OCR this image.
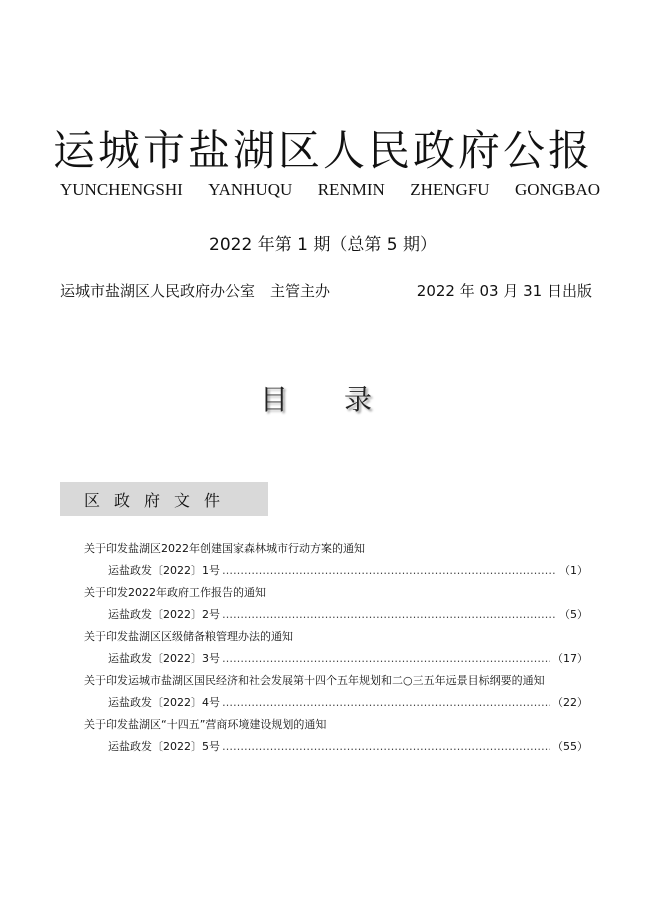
运城市盐湖区人民政府公报
YUNCHENGSHI YANHUQU RENMIN ZHENGFU GONGBAO
2022 年第 1 期（总第 5 期）
运城市盐湖区人民政府办公室　主管主办	2022 年 03 月 31 日出版
目　录
区政府文件
关于印发盐湖区2022年创建国家森林城市行动方案的通知
运盐政发〔2022〕1号 …………………………………………………………………………………………………………………………………………	（1）
关于印发2022年政府工作报告的通知
运盐政发〔2022〕2号 …………………………………………………………………………………………………………………………………………	（5）
关于印发盐湖区区级储备粮管理办法的通知
运盐政发〔2022〕3号 …………………………………………………………………………………………………………………………………………	（17）
关于印发运城市盐湖区国民经济和社会发展第十四个五年规划和二○三五年远景目标纲要的通知
运盐政发〔2022〕4号 …………………………………………………………………………………………………………………………………………	（22）
关于印发盐湖区“十四五”营商环境建设规划的通知
运盐政发〔2022〕5号 …………………………………………………………………………………………………………………………………………	（55）
